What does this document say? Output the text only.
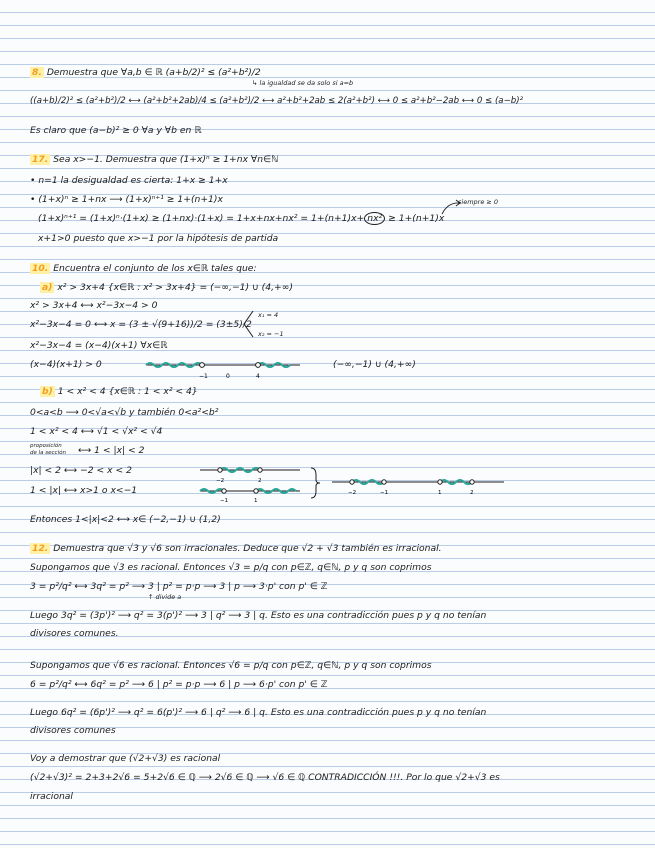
8. Demuestra que ∀a,b ∈ ℝ (a+b/2)² ≤ (a²+b²)/2
↳ la igualdad se da solo si a=b
((a+b)/2)² ≤ (a²+b²)/2 ⟷ (a²+b²+2ab)/4 ≤ (a²+b²)/2 ⟷ a²+b²+2ab ≤ 2(a²+b²) ⟷ 0 ≤ a²+b²−2ab ⟷ 0 ≤ (a−b)²
Es claro que (a−b)² ≥ 0 ∀a y ∀b en ℝ
17. Sea x>−1. Demuestra que (1+x)ⁿ ≥ 1+nx ∀n∈ℕ
• n=1 la desigualdad es cierta: 1+x ≥ 1+x
• (1+x)ⁿ ≥ 1+nx ⟶ (1+x)ⁿ⁺¹ ≥ 1+(n+1)x	siempre ≥ 0
(1+x)ⁿ⁺¹ = (1+x)ⁿ·(1+x) ≥ (1+nx)·(1+x) = 1+x+nx+nx² = 1+(n+1)x+ nx² ≥ 1+(n+1)x
x+1>0 puesto que x>−1 por la hipótesis de partida
10. Encuentra el conjunto de los x∈ℝ tales que:
a) x² > 3x+4 {x∈ℝ : x² > 3x+4} = (−∞,−1) ∪ (4,+∞)
x² > 3x+4 ⟷ x²−3x−4 > 0
x²−3x−4 = 0 ⟷ x = (3 ± √(9+16))/2 = (3±5)/2
x₁ = 4
x₂ = −1
x²−3x−4 = (x−4)(x+1) ∀x∈ℝ
(x−4)(x+1) > 0
−1	0	4
(−∞,−1) ∪ (4,+∞)
b) 1 < x² < 4 {x∈ℝ : 1 < x² < 4}
0<a<b ⟶ 0<√a<√b y también 0<a²<b²
1 < x² < 4 ⟷ √1 < √x² < √4
proposición
de la sección ⟷ 1 < |x| < 2
|x| < 2 ⟷ −2 < x < 2
1 < |x| ⟷ x>1 o x<−1
−2	2
−1	1
−2	−1	1	2
Entonces 1<|x|<2 ⟷ x∈ (−2,−1) ∪ (1,2)
12. Demuestra que √3 y √6 son irracionales. Deduce que √2 + √3 también es irracional.
Supongamos que √3 es racional. Entonces √3 = p/q con p∈ℤ, q∈ℕ, p y q son coprimos
3 = p²/q² ⟷ 3q² = p² ⟶ 3 | p² = p·p ⟶ 3 | p ⟶ 3·p' con p' ∈ ℤ
↑ divide a
Luego 3q² = (3p')² ⟶ q² = 3(p')² ⟶ 3 | q² ⟶ 3 | q. Esto es una contradicción pues p y q no tenían
divisores comunes.
Supongamos que √6 es racional. Entonces √6 = p/q con p∈ℤ, q∈ℕ, p y q son coprimos
6 = p²/q² ⟷ 6q² = p² ⟶ 6 | p² = p·p ⟶ 6 | p ⟶ 6·p' con p' ∈ ℤ
Luego 6q² = (6p')² ⟶ q² = 6(p')² ⟶ 6 | q² ⟶ 6 | q. Esto es una contradicción pues p y q no tenían
divisores comunes
Voy a demostrar que (√2+√3) es racional
(√2+√3)² = 2+3+2√6 = 5+2√6 ∈ ℚ ⟶ 2√6 ∈ ℚ ⟶ √6 ∈ ℚ CONTRADICCIÓN !!!. Por lo que √2+√3 es
irracional
